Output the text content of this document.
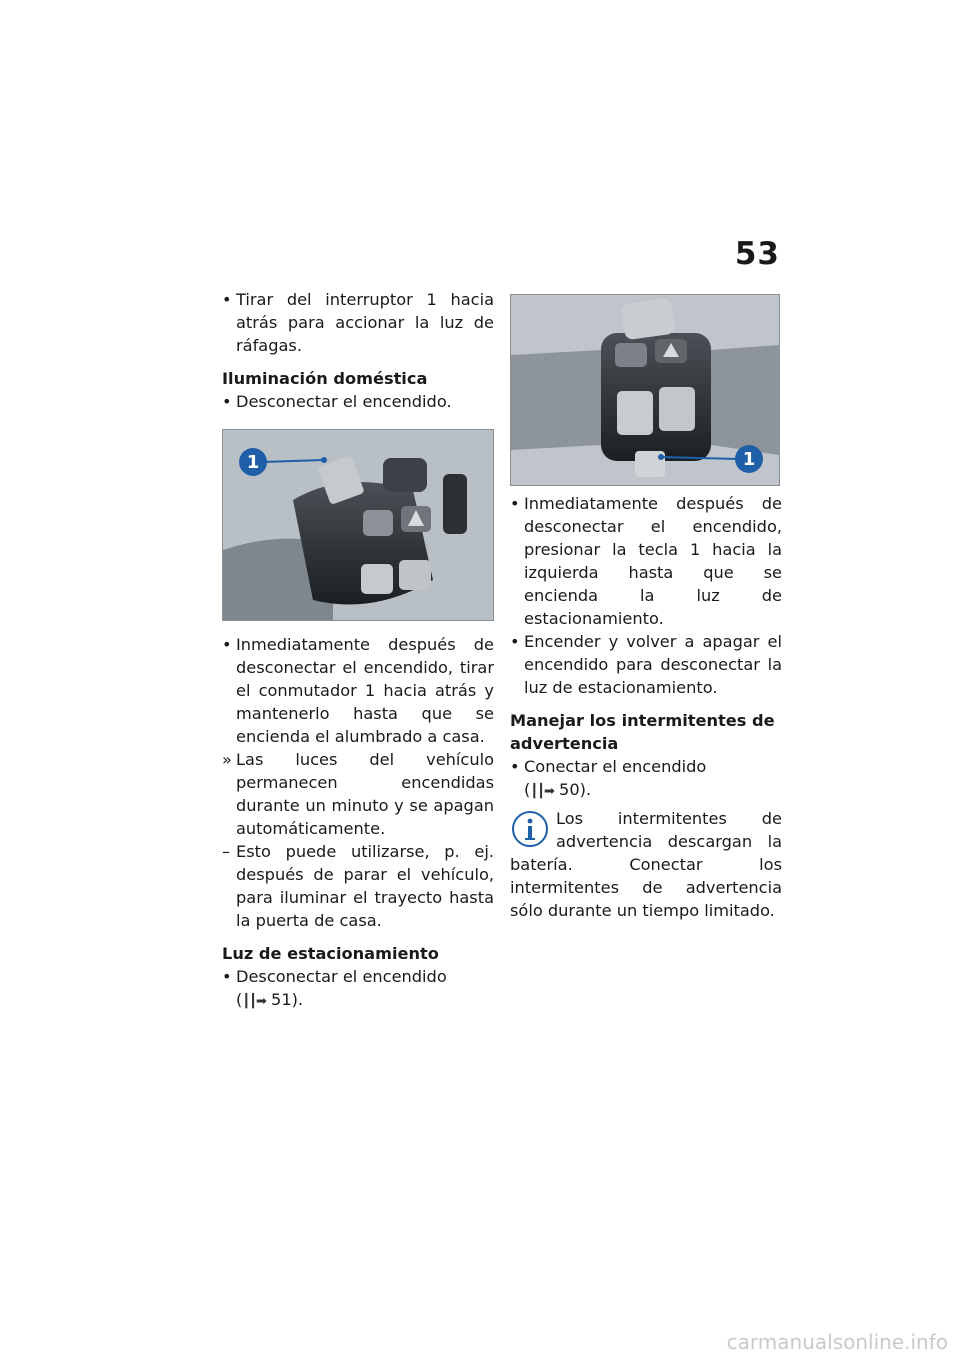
53

• Tirar del interruptor 1 hacia atrás para accionar la luz de ráfagas.

Iluminación doméstica

• Desconectar el encendido.

1

• Inmediatamente después de desconectar el encendido, tirar el conmutador 1 hacia atrás y mantenerlo hasta que se encienda el alumbrado a casa.

» Las luces del vehículo permanecen encendidas durante un minuto y se apagan automáticamente.

– Esto puede utilizarse, p. ej. después de parar el vehículo, para iluminar el trayecto hasta la puerta de casa.

Luz de estacionamiento

• Desconectar el encendido
(┃┃➡ 51).

1

• Inmediatamente después de desconectar el encendido, presionar la tecla 1 hacia la izquierda hasta que se encienda la luz de estacionamiento.

• Encender y volver a apagar el encendido para desconectar la luz de estacionamiento.

Manejar los intermitentes de advertencia

• Conectar el encendido
(┃┃➡ 50).

Los intermitentes de advertencia descargan la batería. Conectar los intermitentes de advertencia sólo durante un tiempo limitado.
carmanualsonline.info
